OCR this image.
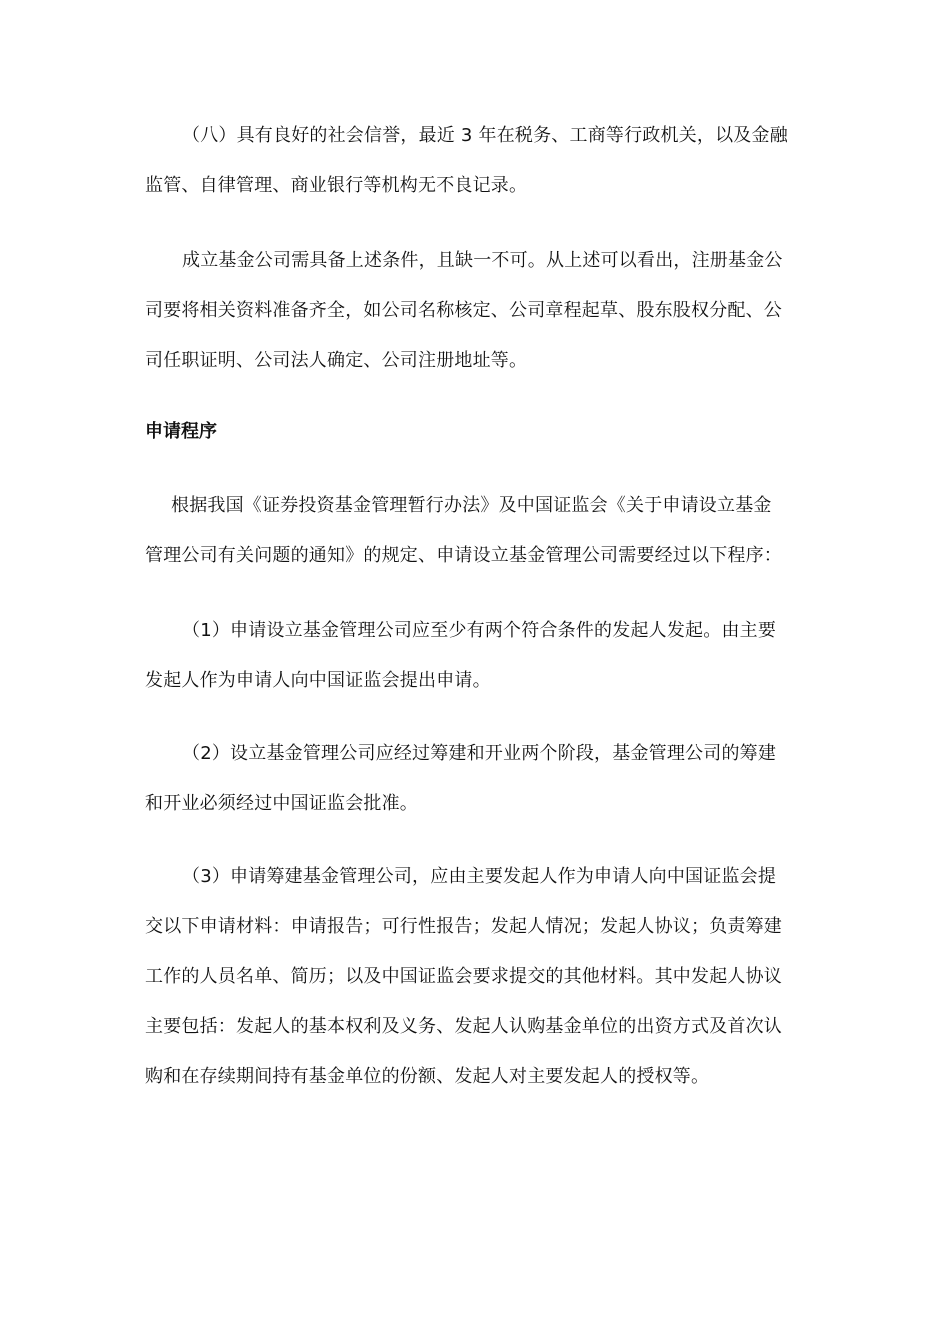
（八）具有良好的社会信誉，最近 3 年在税务、工商等行政机关，以及金融
监管、自律管理、商业银行等机构无不良记录。

成立基金公司需具备上述条件，且缺一不可。从上述可以看出，注册基金公
司要将相关资料准备齐全，如公司名称核定、公司章程起草、股东股权分配、公
司任职证明、公司法人确定、公司注册地址等。

申请程序

根据我国《证券投资基金管理暂行办法》及中国证监会《关于申请设立基金
管理公司有关问题的通知》的规定、申请设立基金管理公司需要经过以下程序：

（1）申请设立基金管理公司应至少有两个符合条件的发起人发起。由主要
发起人作为申请人向中国证监会提出申请。

（2）设立基金管理公司应经过筹建和开业两个阶段，基金管理公司的筹建
和开业必须经过中国证监会批准。

（3）申请筹建基金管理公司，应由主要发起人作为申请人向中国证监会提
交以下申请材料：申请报告；可行性报告；发起人情况；发起人协议；负责筹建
工作的人员名单、简历；以及中国证监会要求提交的其他材料。其中发起人协议
主要包括：发起人的基本权利及义务、发起人认购基金单位的出资方式及首次认
购和在存续期间持有基金单位的份额、发起人对主要发起人的授权等。
